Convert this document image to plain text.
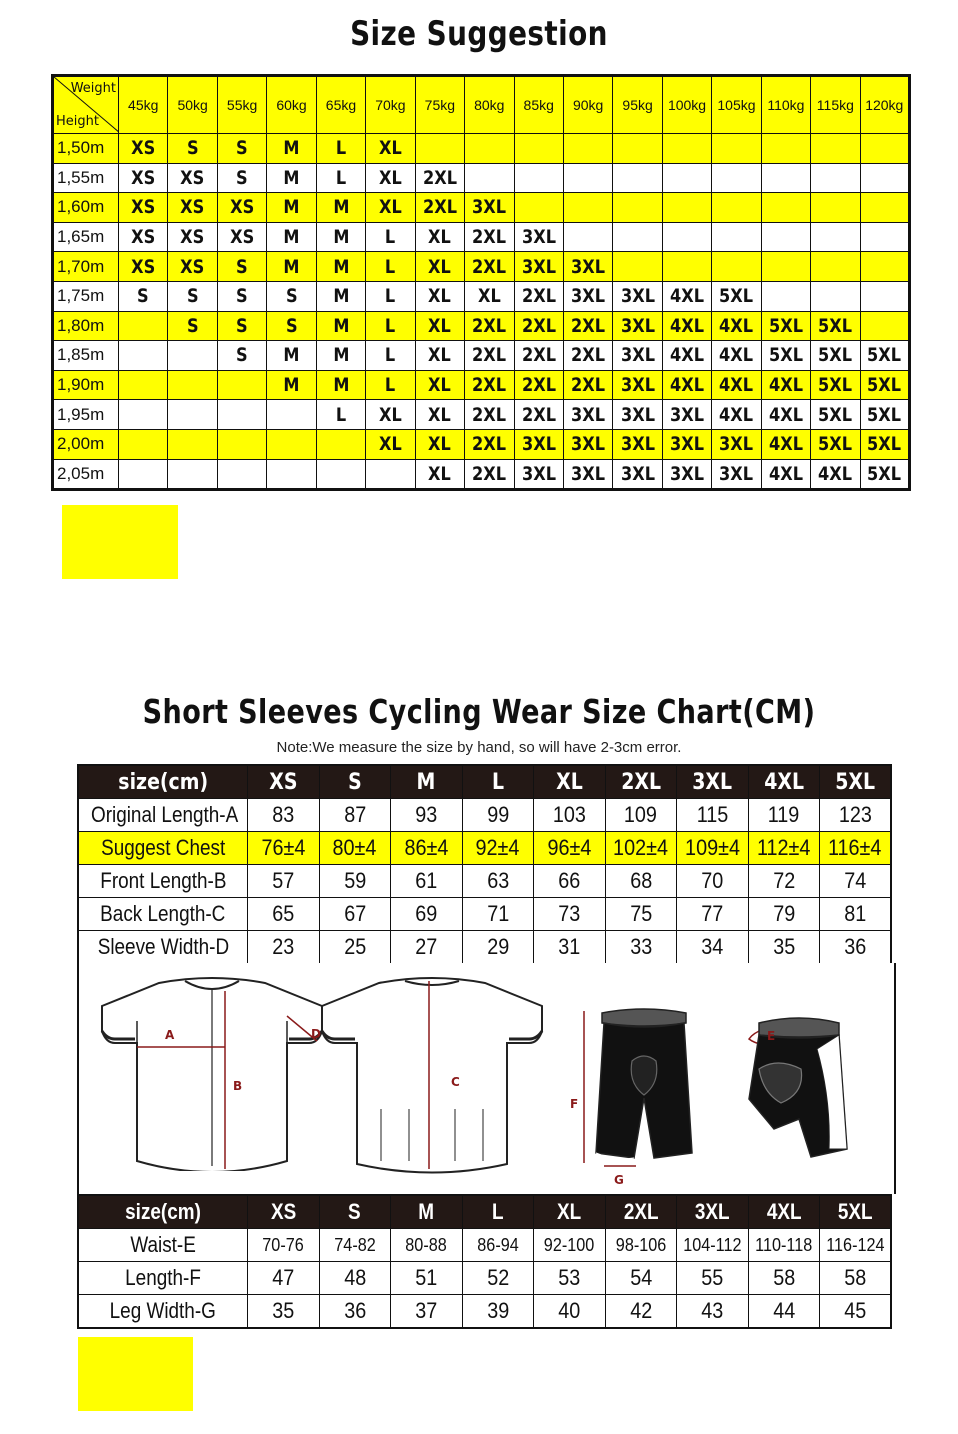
Size Suggestion
Weight
Height	45kg	50kg	55kg	60kg	65kg	70kg	75kg	80kg	85kg	90kg	95kg	100kg	105kg	110kg	115kg	120kg
1,50m	XS	S	S	M	L	XL										
1,55m	XS	XS	S	M	L	XL	2XL									
1,60m	XS	XS	XS	M	M	XL	2XL	3XL								
1,65m	XS	XS	XS	M	M	L	XL	2XL	3XL							
1,70m	XS	XS	S	M	M	L	XL	2XL	3XL	3XL						
1,75m	S	S	S	S	M	L	XL	XL	2XL	3XL	3XL	4XL	5XL			
1,80m		S	S	S	M	L	XL	2XL	2XL	2XL	3XL	4XL	4XL	5XL	5XL	
1,85m			S	M	M	L	XL	2XL	2XL	2XL	3XL	4XL	4XL	5XL	5XL	5XL
1,90m				M	M	L	XL	2XL	2XL	2XL	3XL	4XL	4XL	4XL	5XL	5XL
1,95m					L	XL	XL	2XL	2XL	3XL	3XL	3XL	4XL	4XL	5XL	5XL
2,00m						XL	XL	2XL	3XL	3XL	3XL	3XL	3XL	4XL	5XL	5XL
2,05m							XL	2XL	3XL	3XL	3XL	3XL	3XL	4XL	4XL	5XL
Short Sleeves Cycling Wear Size Chart(CM)
Note:We measure the size by hand, so will have 2-3cm error.
size(cm)	XS	S	M	L	XL	2XL	3XL	4XL	5XL
Original Length-A	83	87	93	99	103	109	115	119	123
Suggest Chest	76±4	80±4	86±4	92±4	96±4	102±4	109±4	112±4	116±4
Front Length-B	57	59	61	63	66	68	70	72	74
Back Length-C	65	67	69	71	73	75	77	79	81
Sleeve Width-D	23	25	27	29	31	33	34	35	36
A
B
D
C
F
G
E
size(cm)	XS	S	M	L	XL	2XL	3XL	4XL	5XL
Waist-E	70-76	74-82	80-88	86-94	92-100	98-106	104-112	110-118	116-124
Length-F	47	48	51	52	53	54	55	58	58
Leg Width-G	35	36	37	39	40	42	43	44	45
